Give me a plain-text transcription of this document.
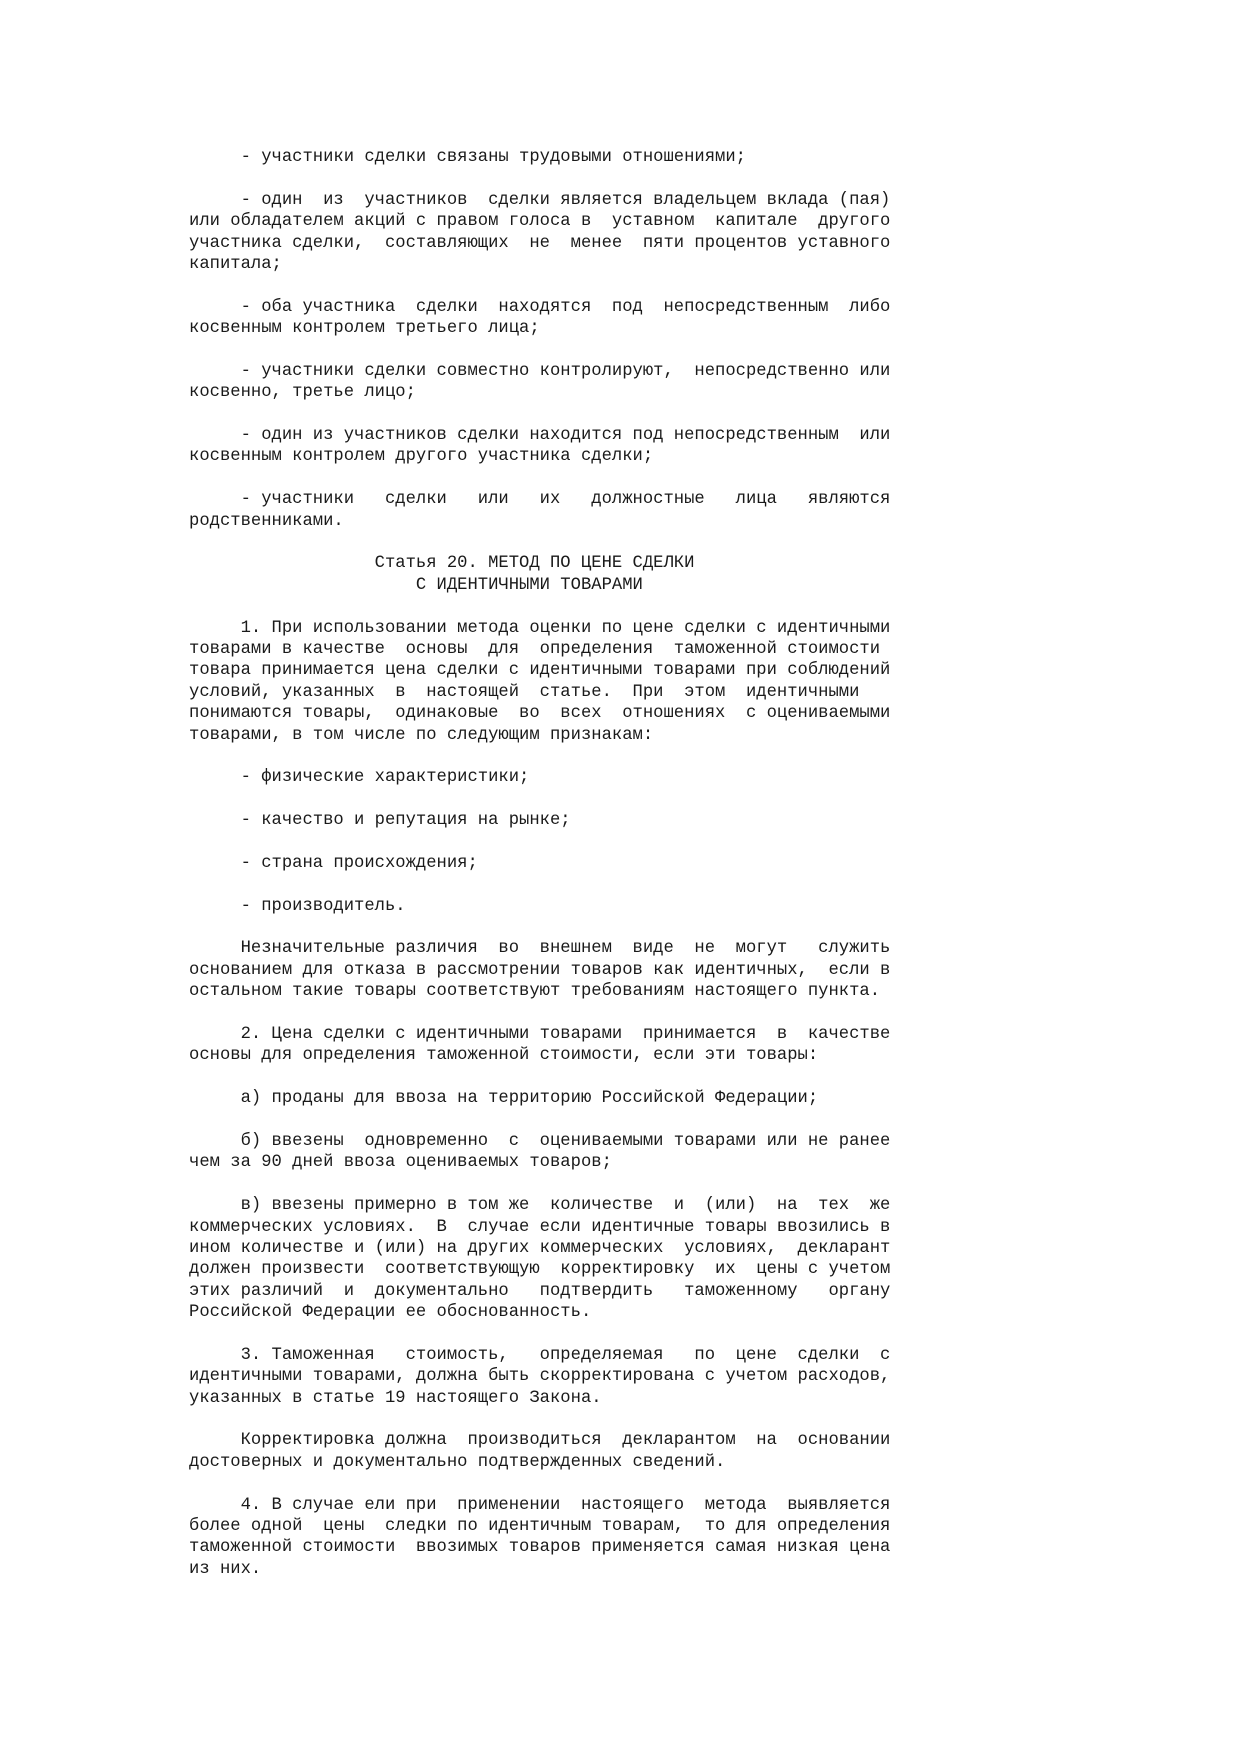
- участники сделки связаны трудовыми отношениями;
- один  из  участников  сделки является владельцем вклада (пая)
или обладателем акций с правом голоса в  уставном  капитале  другого
участника сделки,  составляющих  не  менее  пяти процентов уставного
капитала;
- оба участника  сделки  находятся  под  непосредственным  либо
косвенным контролем третьего лица;
- участники сделки совместно контролируют,  непосредственно или
косвенно, третье лицо;
- один из участников сделки находится под непосредственным  или
косвенным контролем другого участника сделки;
- участники   сделки   или   их   должностные   лица   являются
родственниками.
Статья 20. МЕТОД ПО ЦЕНЕ СДЕЛКИ
С ИДЕНТИЧНЫМИ ТОВАРАМИ
1. При использовании метода оценки по цене сделки с идентичными
товарами в качестве  основы  для  определения  таможенной стоимости
товара принимается цена сделки с идентичными товарами при соблюдений
условий, указанных  в  настоящей  статье.  При  этом  идентичными
понимаются товары,  одинаковые  во  всех  отношениях  с оцениваемыми
товарами, в том числе по следующим признакам:
- физические характеристики;
- качество и репутация на рынке;
- страна происхождения;
- производитель.
Незначительные различия  во  внешнем  виде  не  могут   служить
основанием для отказа в рассмотрении товаров как идентичных,  если в
остальном такие товары соответствуют требованиям настоящего пункта.
2. Цена сделки с идентичными товарами  принимается  в  качестве
основы для определения таможенной стоимости, если эти товары:
а) проданы для ввоза на территорию Российской Федерации;
б) ввезены  одновременно  с  оцениваемыми товарами или не ранее
чем за 90 дней ввоза оцениваемых товаров;
в) ввезены примерно в том же  количестве  и  (или)  на  тех  же
коммерческих условиях.  В  случае если идентичные товары ввозились в
ином количестве и (или) на других коммерческих  условиях,  декларант
должен произвести  соответствующую  корректировку  их  цены с учетом
этих различий  и  документально   подтвердить   таможенному   органу
Российской Федерации ее обоснованность.
3. Таможенная   стоимость,   определяемая   по  цене  сделки  с
идентичными товарами, должна быть скорректирована с учетом расходов,
указанных в статье 19 настоящего Закона.
Корректировка должна  производиться  декларантом  на  основании
достоверных и документально подтвержденных сведений.
4. В случае ели при  применении  настоящего  метода  выявляется
более одной  цены  следки по идентичным товарам,  то для определения
таможенной стоимости  ввозимых товаров применяется самая низкая цена
из них.
